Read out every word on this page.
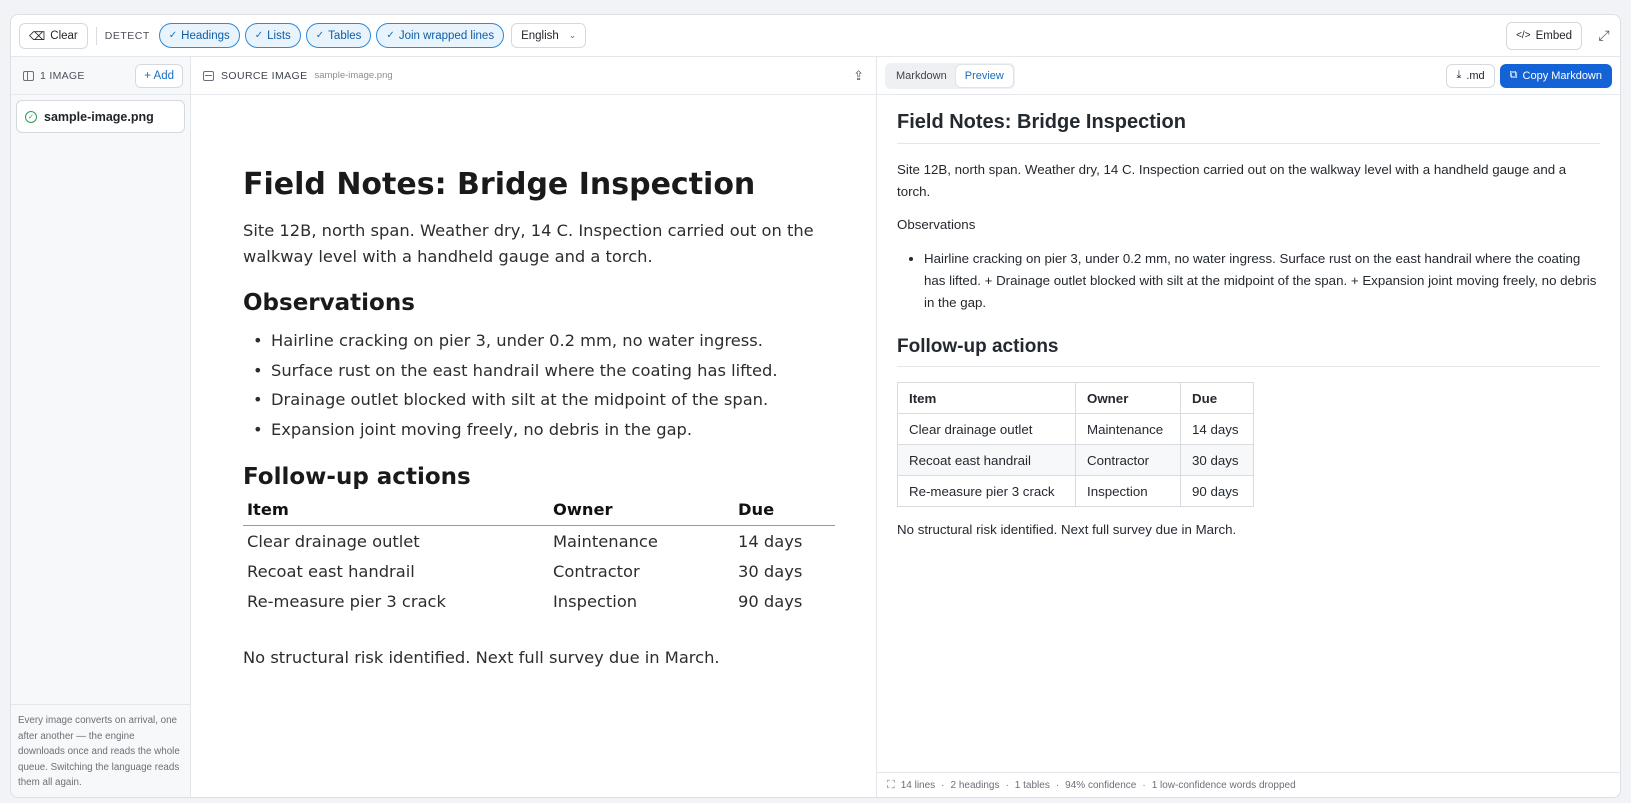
⌫ Clear	DETECT ✓ Headings	✓ Lists	✓ Tables	✓ Join wrapped lines English ⌄	</> Embed ⤢
1 IMAGE	+ Add
✓ sample-image.png
Every image converts on arrival, one after another — the engine downloads once and reads the whole queue. Switching the language reads them all again.
SOURCE IMAGE sample-image.png	⇪
Field Notes: Bridge Inspection

Site 12B, north span. Weather dry, 14 C. Inspection carried out on the walkway level with a handheld gauge and a torch.

Observations
• Hairline cracking on pier 3, under 0.2 mm, no water ingress.
• Surface rust on the east handrail where the coating has lifted.
• Drainage outlet blocked with silt at the midpoint of the span.
• Expansion joint moving freely, no debris in the gap.
Follow-up actions
Item	Owner	Due
Clear drainage outlet	Maintenance	14 days
Recoat east handrail	Contractor	30 days
Re-measure pier 3 crack	Inspection	90 days

No structural risk identified. Next full survey due in March.

Markdown	Preview	⤓ .md ⧉ Copy Markdown
Field Notes: Bridge Inspection

Site 12B, north span. Weather dry, 14 C. Inspection carried out on the walkway level with a handheld gauge and a torch.

Observations

• Hairline cracking on pier 3, under 0.2 mm, no water ingress. Surface rust on the east handrail where the coating has lifted. + Drainage outlet blocked with silt at the midpoint of the span. + Expansion joint moving freely, no debris in the gap.
Follow-up actions
Item	Owner	Due
Clear drainage outlet	Maintenance	14 days
Recoat east handrail	Contractor	30 days
Re-measure pier 3 crack	Inspection	90 days

No structural risk identified. Next full survey due in March.

⛶ 14 lines · 2 headings · 1 tables · 94% confidence · 1 low-confidence words dropped
